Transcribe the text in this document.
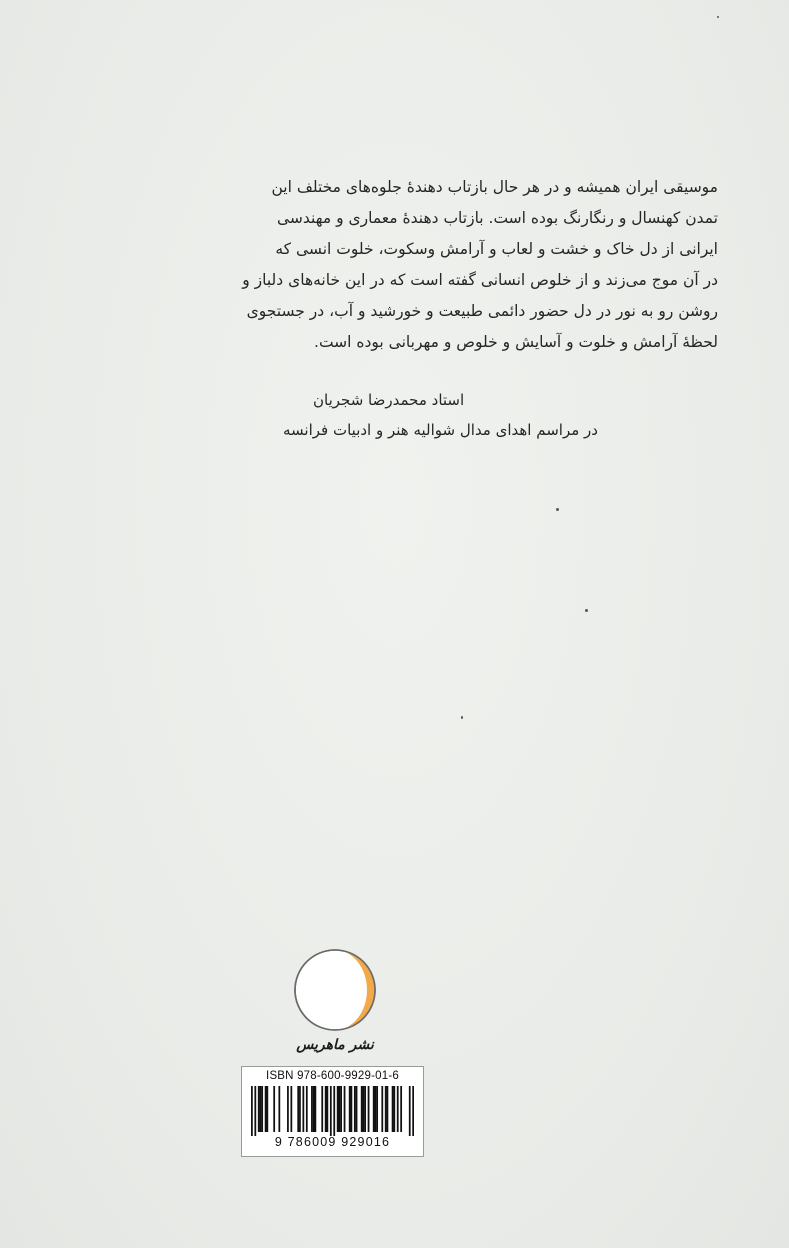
موسیقی ایران همیشه و در هر حال بازتاب دهندهٔ جلوه‌های مختلف این

تمدن کهنسال و رنگارنگ بوده است. بازتاب دهندهٔ معماری و مهندسی

ایرانی از دل خاک و خشت و لعاب و آرامش وسکوت، خلوت انسی که

در آن موج می‌زند و از خلوص انسانی گفته است که در این خانه‌های دلباز و

روشن رو به نور در دل حضور دائمی طبیعت و خورشید و آب، در جستجوی

لحظهٔ آرامش و خلوت و آسایش و خلوص و مهربانی بوده است.

استاد محمدرضا شجریان
در مراسم اهدای مدال شوالیه هنر و ادبیات فرانسه
نشر ماهریس
ISBN 978-600-9929-01-6
9 786009 929016
